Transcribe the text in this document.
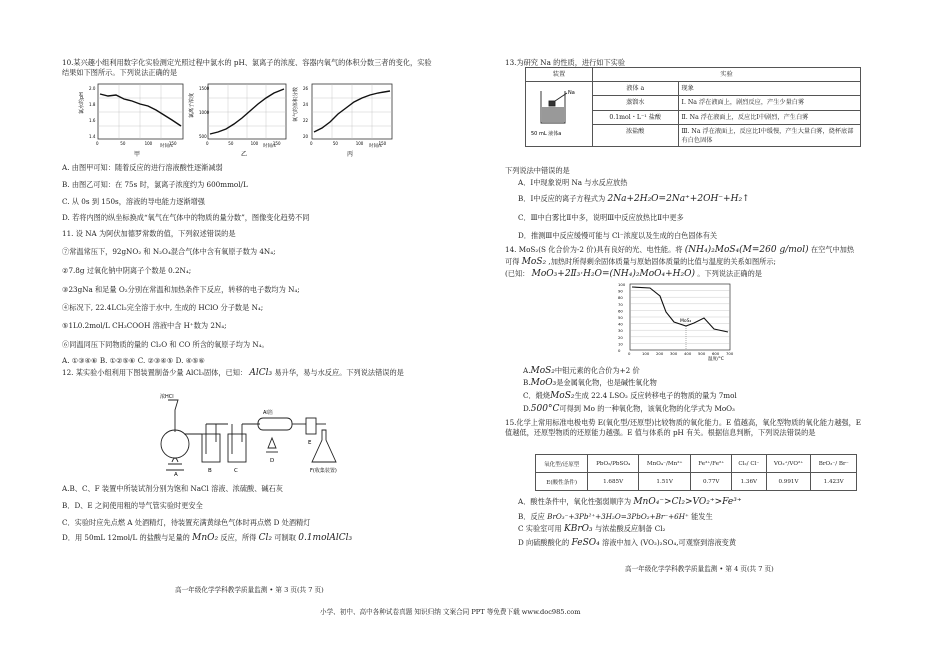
10.某兴趣小组利用数字化实验测定光照过程中氯水的 pH、氯离子的浓度、容器内氧气的体积分数三者的变化，实验结果如下图所示。下列说法正确的是
氯水的pH
甲
时间/s
0	50	100	150
2.0
1.8
1.6
1.4
氯离子浓度
乙
时间/s
0	50	100	150
1500
1000
500
氧气的体积分数
丙
时间/s
0	50	100	150
26
24
22
20
A. 由图甲可知：随着反应的进行溶液酸性逐渐减弱
B. 由图乙可知：在 75s 时，氯离子浓度约为 600mmol/L
C. 从 0s 到 150s，溶液的导电能力逐渐增强
D. 若将内图的纵坐标换成“氧气在气体中的物质的量分数”，图像变化趋势不同
11. 设 NA 为阿伏加德罗常数的值，下列叙述错误的是
⑦常温常压下，92gNO₂ 和 N₂O₄混合气体中含有氧原子数为 4N₄;
②7.8g 过氧化钠中阴离子个数是 0.2N₄;
③23gNa 和足量 O₂分别在常温和加热条件下反应，转移的电子数均为 N₄;
④标况下, 22.4LCl₂完全溶于水中, 生成的 HClO 分子数是 N₄;
⑤1L0.2mol/L CH₃COOH 溶液中含 H⁺数为 2N₄;
⑥同温同压下同物质的量的 Cl₂O 和 CO 所含的氧原子均为 N₄。
A. ①③④⑥ B. ①②⑤⑥ C. ②③④⑤ D. ④⑤⑥
12. 某实验小组利用下图装置制备少量 AlCl₃固体，已知： AlCl₃ 易升华，易与水反应。下列说法错误的是
浓HCl
Al箔
A
B	C
D
E
F(收集装置)
A.B、C、F 装置中所装试剂分别为饱和 NaCl 溶液、浓硫酸、碱石灰
B．D、E 之间使用粗的导气管实验时更安全
C．实验时应先点燃 A 处酒精灯，待装置充满黄绿色气体时再点燃 D 处酒精灯
D．用 50mL 12mol/L 的盐酸与足量的 MnO₂ 反应，所得 Cl₂ 可制取 0.1molAlCl₃
高一年级化学学科教学质量监测 • 第 3 页(共 7 页)
13.为研究 Na 的性质，进行如下实验
装置	实验	

Na
50 mL 液体a	液体 a	现象
	蒸馏水	Ⅰ. Na 浮在液面上，剧烈反应，产生少量白雾
	0.1mol・L⁻¹ 盐酸	Ⅱ. Na 浮在液面上，反应比Ⅰ中剧烈，产生白雾
	浓盐酸	Ⅲ. Na 浮在液面上，反应比Ⅰ中缓慢，产生大量白雾，烧杯底部有白色固体
下列说法中错误的是
A．Ⅰ中现象说明 Na 与水反应放热
B．Ⅰ中反应的离子方程式为 2Na+2H₂O=2Na⁺+2OH⁻+H₂↑
C．Ⅲ中白雾比Ⅱ中多，说明Ⅲ中反应放热比Ⅱ中更多
D．推测Ⅲ中反应缓慢可能与 Cl⁻浓度以及生成的白色固体有关
14. MoS₂(S 化合价为-2 价)具有良好的光、电性能。将 (NH₄)₂MoS₄(M=260 g/mol) 在空气中加热
可得 MoS₂ ,加热时所得剩余固体质量与原始固体质量的比值与温度的关系如图所示;
(已知： MoO₃+2Ⅱ₃·H₂O=(NH₄)₂MoO₄+H₂O) 。下列说法正确的是
MoS₂
温度/°C
100
90
80
70
60
50
40
30
20
10
0
0	100 200 300 400 500 600 700
A.MoS₂中钼元素的化合价为+2 价
B.MoO₃是金属氧化物，也是碱性氧化物
C．煅烧MoS₂生成 22.4 LSO₂ 反应转移电子的物质的量为 7mol
D.500°C可得到 Mo 的一种氧化物，该氧化物的化学式为 MoO₃
15.化学上常用标准电极电势 E(氧化型/还原型)比较物质的氧化能力。E 值越高，氧化型物质的氧化能力越强，E 值越低，还原型物质的还原能力越强。E 值与体系的 pH 有关。根据信息判断，下列说法错误的是
氧化型/还原型	PbO₂/PbSO₄	MnO₄⁻/Mn²⁺	Fe³⁺/Fe²⁺	Cl₂/ Cl⁻	VO₂⁺/VO²⁺	BrO₃⁻/ Br⁻
E(酸性条件)	1.685V	1.51V	0.77V	1.36V	0.991V	1.423V
A．酸性条件中，氧化性强弱顺序为 MnO₄⁻>Cl₂>VO₂⁺>Fe³⁺
B．反应 BrO₃⁻+3Pb²⁺+3H₂O=3PbO₂+Br⁻+6H⁺ 能发生
C 实验室可用 KBrO₃ 与浓盐酸反应制备 Cl₂
D 向硫酸酸化的 FeSO₄ 溶液中加入 (VO₂)₂SO₄,可观察到溶液变黄
高一年级化学学科教学质量监测 • 第 4 页(共 7 页)
小学、初中、高中各种试卷真题 知识归纳 文案合同 PPT 等免费下载 www.doc985.com
